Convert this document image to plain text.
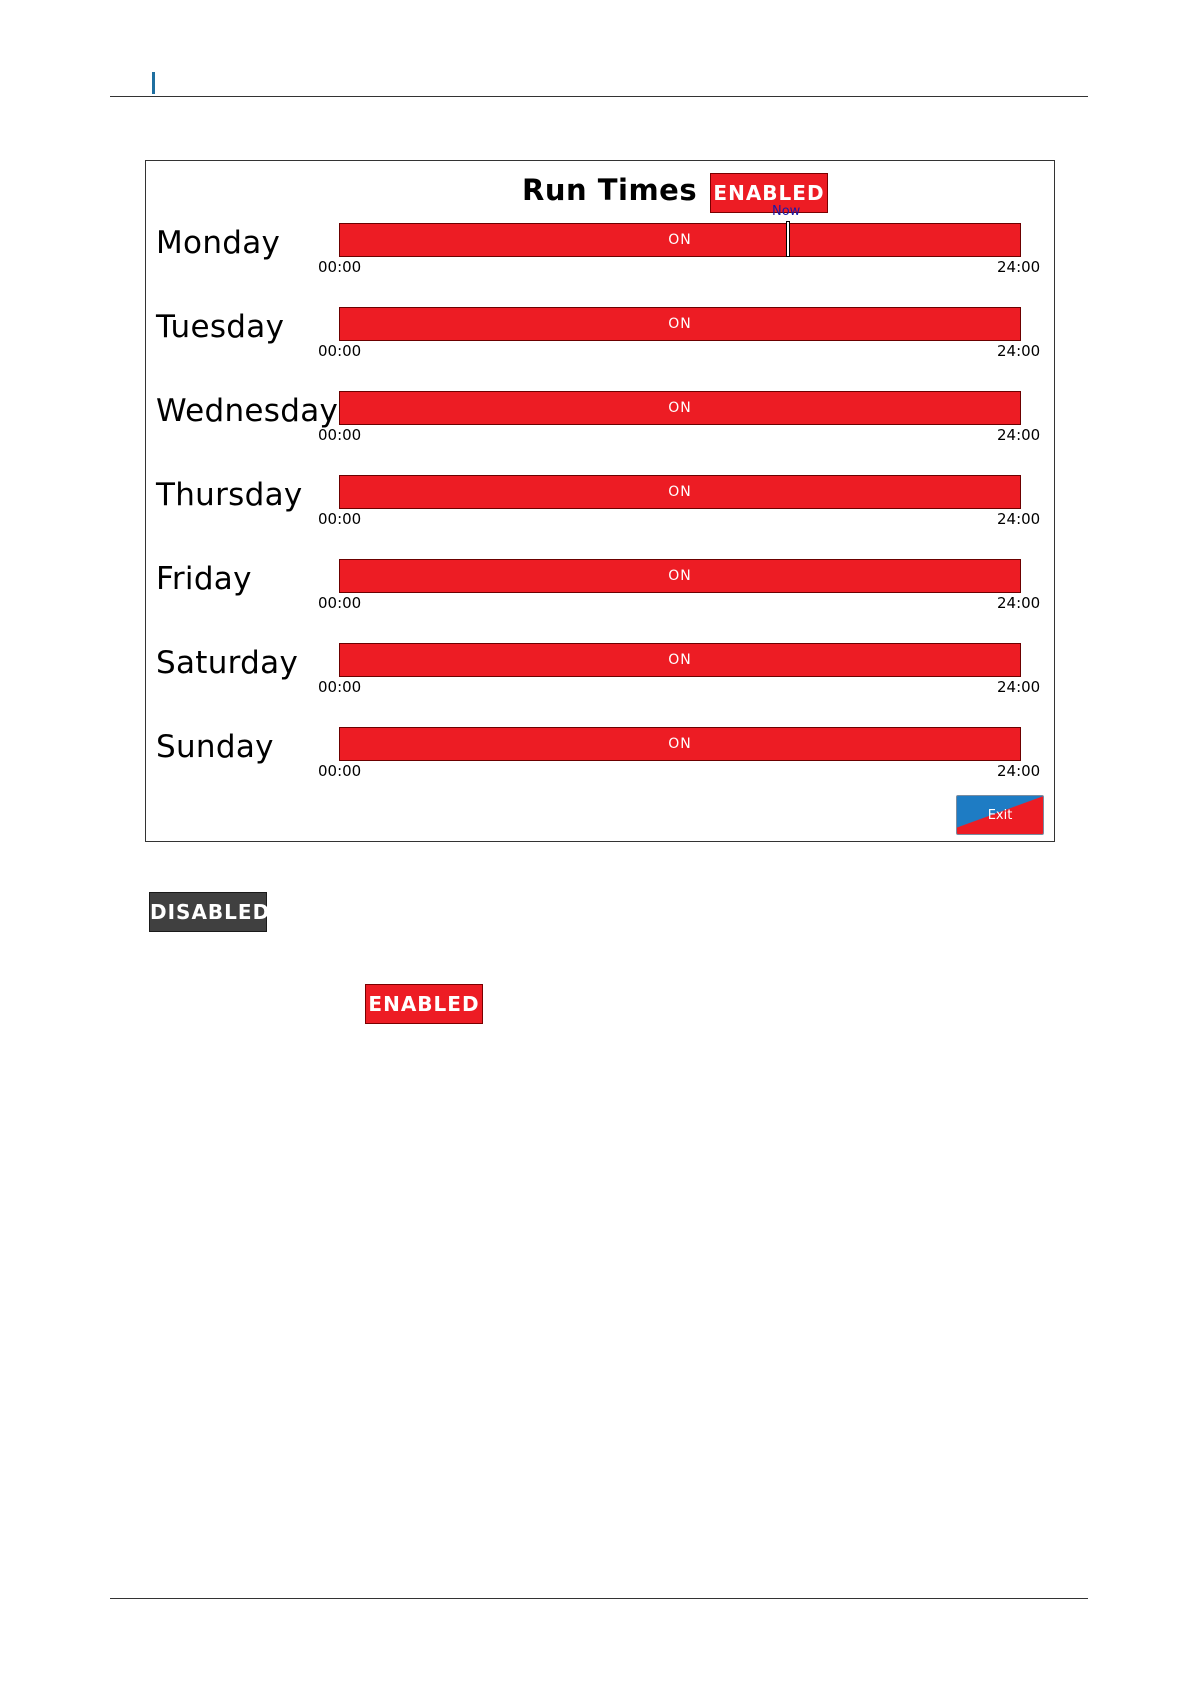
Run Times ENABLED
Monday	ON
Now
00:00	24:00
Tuesday	ON
00:00	24:00
Wednesday	ON
00:00	24:00
Thursday	ON
00:00	24:00
Friday	ON
00:00	24:00
Saturday	ON
00:00	24:00
Sunday	ON
00:00	24:00
Exit
DISABLED
ENABLED
